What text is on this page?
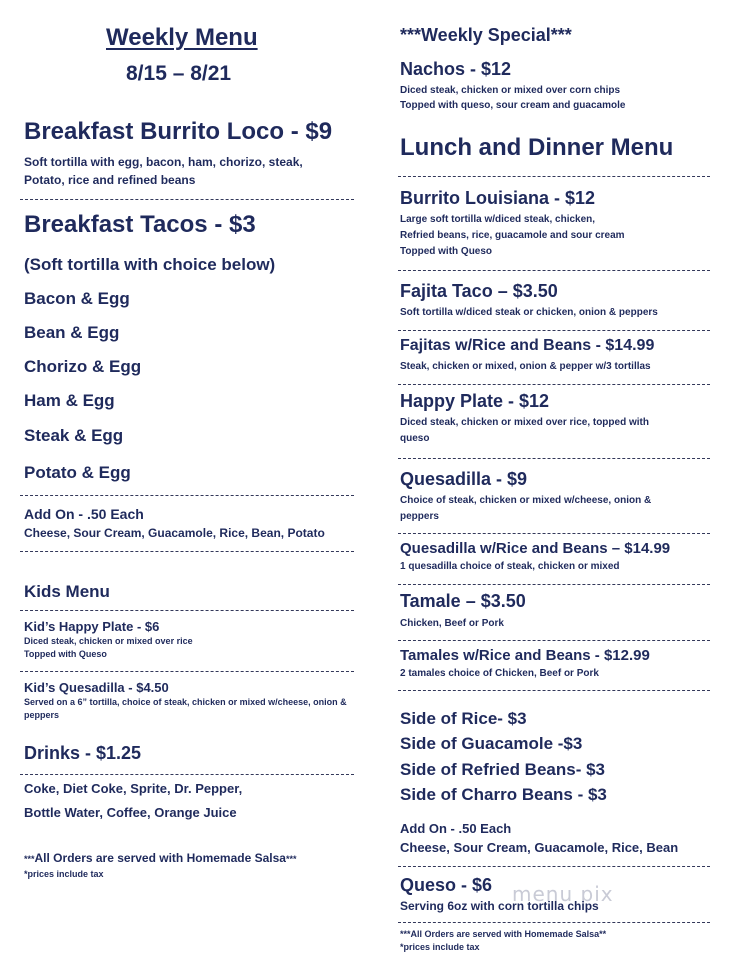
Weekly Menu
8/15 – 8/21
Breakfast Burrito Loco - $9
Soft tortilla with egg, bacon, ham, chorizo, steak,
Potato, rice and refined beans
Breakfast Tacos - $3
(Soft tortilla with choice below)
Bacon & Egg
Bean & Egg
Chorizo & Egg
Ham & Egg
Steak & Egg
Potato & Egg
Add On - .50 Each
Cheese, Sour Cream, Guacamole, Rice, Bean, Potato
Kids Menu
Kid’s Happy Plate - $6
Diced steak, chicken or mixed over rice
Topped with Queso
Kid’s Quesadilla - $4.50
Served on a 6” tortilla, choice of steak, chicken or mixed w/cheese, onion &
peppers
Drinks - $1.25
Coke, Diet Coke, Sprite, Dr. Pepper,
Bottle Water, Coffee, Orange Juice
***All Orders are served with Homemade Salsa***
*prices include tax
***Weekly Special***
Nachos - $12
Diced steak, chicken or mixed over corn chips
Topped with queso, sour cream and guacamole
Lunch and Dinner Menu
Burrito Louisiana - $12
Large soft tortilla w/diced steak, chicken,
Refried beans, rice, guacamole and sour cream
Topped with Queso
Fajita Taco – $3.50
Soft tortilla w/diced steak or chicken, onion & peppers
Fajitas w/Rice and Beans - $14.99
Steak, chicken or mixed, onion & pepper w/3 tortillas
Happy Plate - $12
Diced steak, chicken or mixed over rice, topped with
queso
Quesadilla - $9
Choice of steak, chicken or mixed w/cheese, onion &
peppers
Quesadilla w/Rice and Beans – $14.99
1 quesadilla choice of steak, chicken or mixed
Tamale – $3.50
Chicken, Beef or Pork
Tamales w/Rice and Beans - $12.99
2 tamales choice of Chicken, Beef or Pork
Side of Rice- $3
Side of Guacamole -$3
Side of Refried Beans- $3
Side of Charro Beans - $3
Add On - .50 Each
Cheese, Sour Cream, Guacamole, Rice, Bean
Queso - $6 menu pix
Serving 6oz with corn tortilla chips
***All Orders are served with Homemade Salsa**
*prices include tax
